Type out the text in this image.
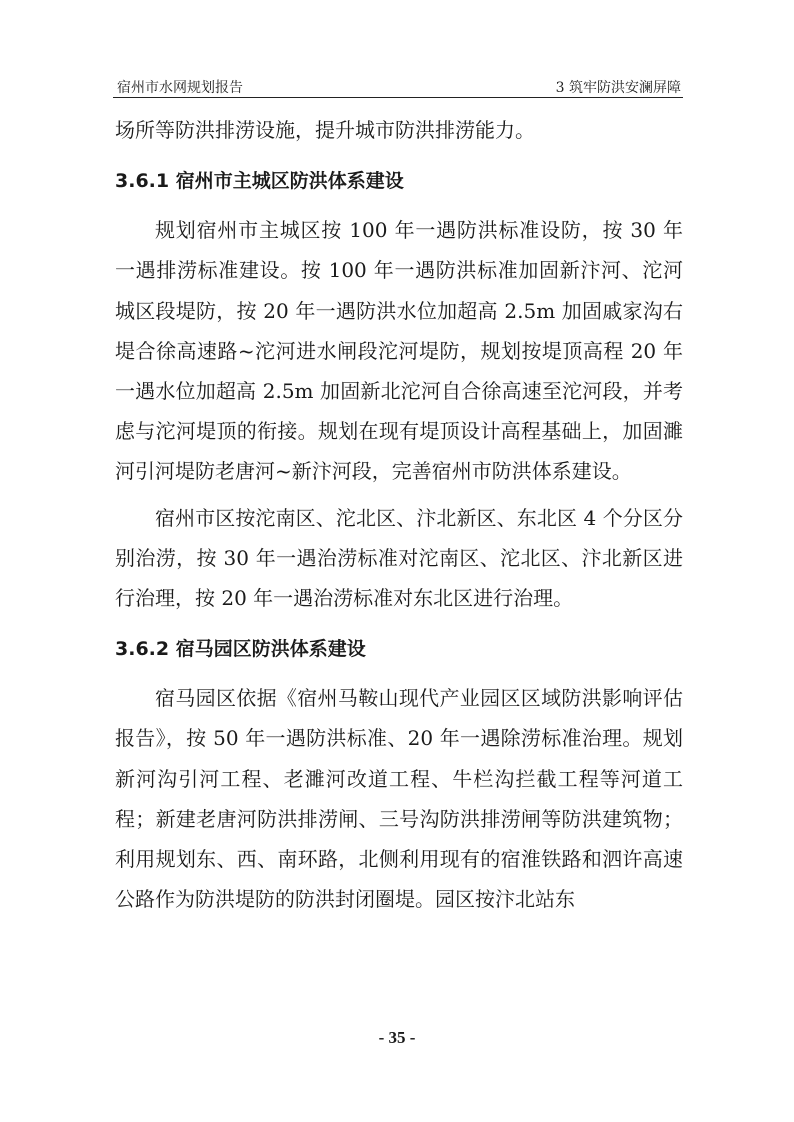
宿州市水网规划报告	3 筑牢防洪安澜屏障

场所等防洪排涝设施，提升城市防洪排涝能力。

3.6.1 宿州市主城区防洪体系建设

规划宿州市主城区按 100 年一遇防洪标准设防，按 30 年一遇排涝标准建设。按 100 年一遇防洪标准加固新汴河、沱河城区段堤防，按 20 年一遇防洪水位加超高 2.5m 加固戚家沟右堤合徐高速路~沱河进水闸段沱河堤防，规划按堤顶高程 20 年一遇水位加超高 2.5m 加固新北沱河自合徐高速至沱河段，并考虑与沱河堤顶的衔接。规划在现有堤顶设计高程基础上，加固濉河引河堤防老唐河~新汴河段，完善宿州市防洪体系建设。

宿州市区按沱南区、沱北区、汴北新区、东北区 4 个分区分别治涝，按 30 年一遇治涝标准对沱南区、沱北区、汴北新区进行治理，按 20 年一遇治涝标准对东北区进行治理。

3.6.2 宿马园区防洪体系建设

宿马园区依据《宿州马鞍山现代产业园区区域防洪影响评估报告》，按 50 年一遇防洪标准、20 年一遇除涝标准治理。规划新河沟引河工程、老濉河改道工程、牛栏沟拦截工程等河道工程；新建老唐河防洪排涝闸、三号沟防洪排涝闸等防洪建筑物；利用规划东、西、南环路，北侧利用现有的宿淮铁路和泗许高速公路作为防洪堤防的防洪封闭圈堤。园区按汴北站东

- 35 -
